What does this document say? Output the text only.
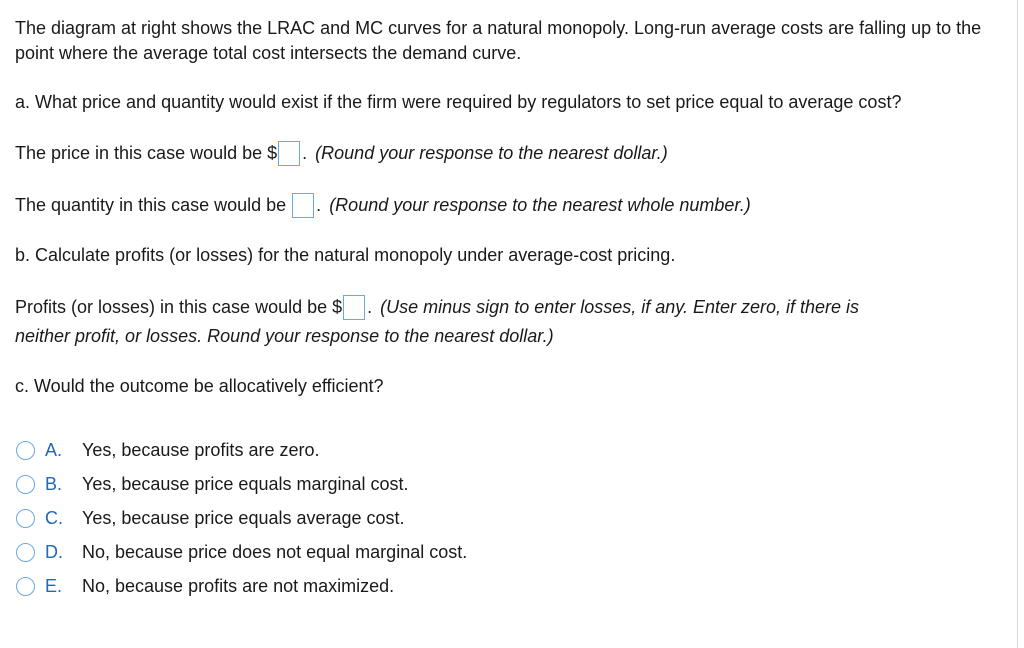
The diagram at right shows the LRAC and MC curves for a natural monopoly. Long-run average costs are falling up to the point where the average total cost intersects the demand curve.

a. What price and quantity would exist if the firm were required by regulators to set price equal to average cost?

The price in this case would be $ . (Round your response to the nearest dollar.)
The quantity in this case would be . (Round your response to the nearest whole number.)

b. Calculate profits (or losses) for the natural monopoly under average-cost pricing.

Profits (or losses) in this case would be $ . (Use minus sign to enter losses, if any. Enter zero, if there is

neither profit, or losses. Round your response to the nearest dollar.)

c. Would the outcome be allocatively efficient?

A.	Yes, because profits are zero.
B.	Yes, because price equals marginal cost.
C.	Yes, because price equals average cost.
D.	No, because price does not equal marginal cost.
E.	No, because profits are not maximized.
